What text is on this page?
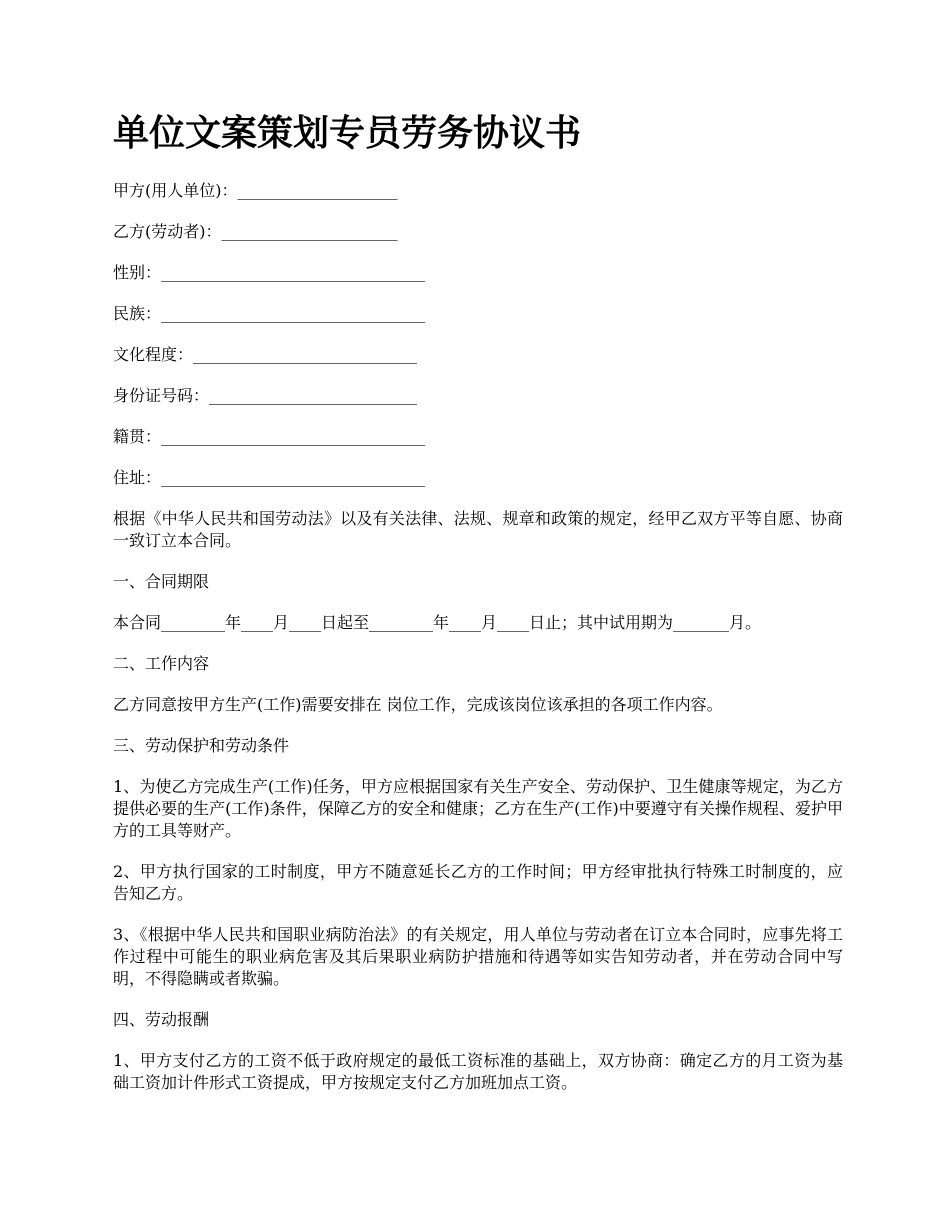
单位文案策划专员劳务协议书
甲方(用人单位)：____________________
乙方(劳动者)：______________________
性别：_________________________________
民族：_________________________________
文化程度：____________________________
身份证号码：__________________________
籍贯：_________________________________
住址：_________________________________

根据《中华人民共和国劳动法》以及有关法律、法规、规章和政策的规定，经甲乙双方平等自愿、协商一致订立本合同。

一、合同期限

本合同________年____月____日起至________年____月____日止；其中试用期为_______月。

二、工作内容

乙方同意按甲方生产(工作)需要安排在 岗位工作，完成该岗位该承担的各项工作内容。

三、劳动保护和劳动条件

1、为使乙方完成生产(工作)任务，甲方应根据国家有关生产安全、劳动保护、卫生健康等规定，为乙方提供必要的生产(工作)条件，保障乙方的安全和健康；乙方在生产(工作)中要遵守有关操作规程、爱护甲方的工具等财产。

2、甲方执行国家的工时制度，甲方不随意延长乙方的工作时间；甲方经审批执行特殊工时制度的，应告知乙方。

3、《根据中华人民共和国职业病防治法》的有关规定，用人单位与劳动者在订立本合同时，应事先将工作过程中可能生的职业病危害及其后果职业病防护措施和待遇等如实告知劳动者，并在劳动合同中写明，不得隐瞒或者欺骗。

四、劳动报酬

1、甲方支付乙方的工资不低于政府规定的最低工资标准的基础上，双方协商：确定乙方的月工资为基础工资加计件形式工资提成，甲方按规定支付乙方加班加点工资。
